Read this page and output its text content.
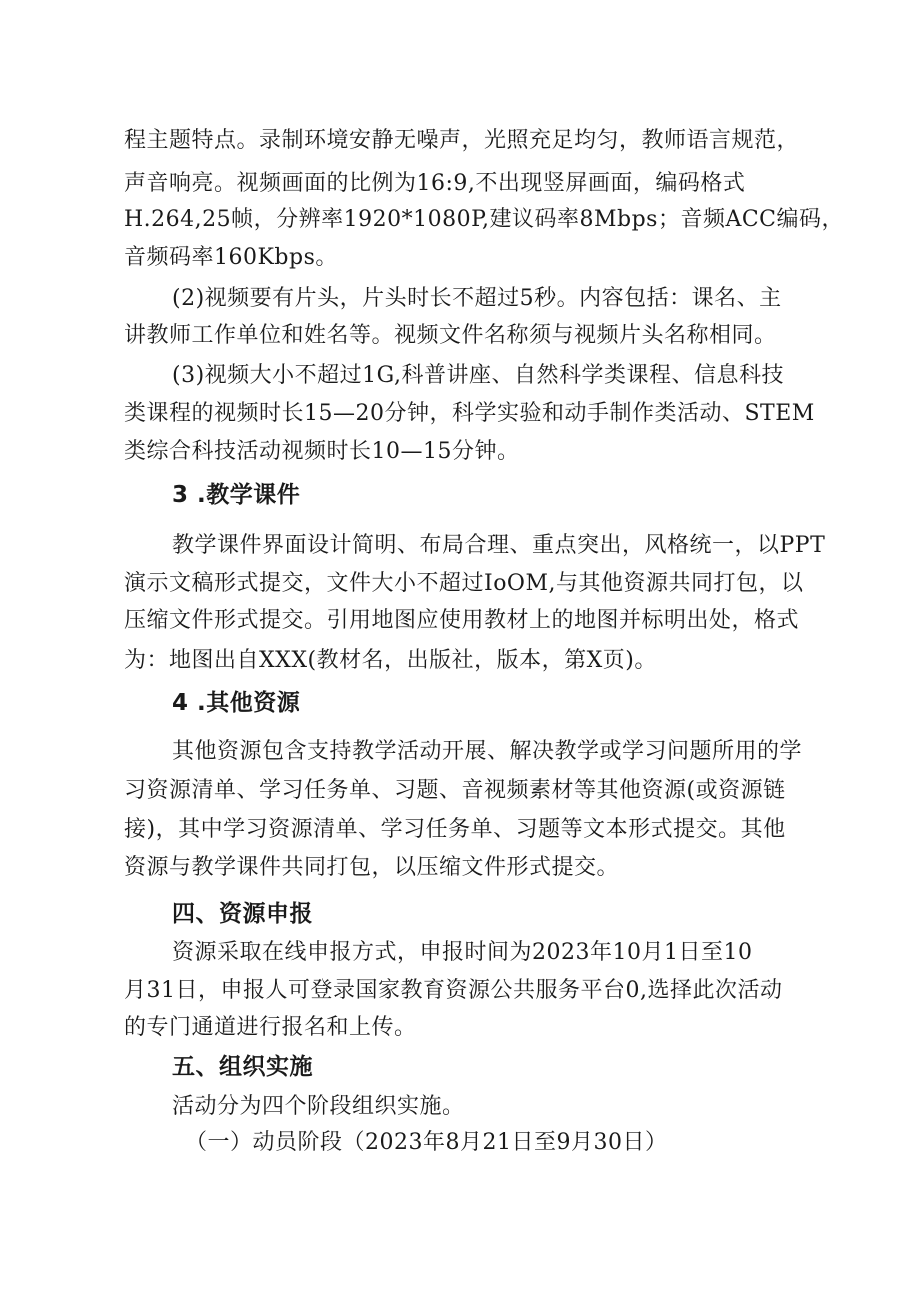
程主题特点。录制环境安静无噪声，光照充足均匀，教师语言规范，
声音响亮。视频画面的比例为16:9,不出现竖屏画面，编码格式
H.264,25帧，分辨率1920*1080P,建议码率8Mbps；音频ACC编码，
音频码率160Kbps。
(2)视频要有片头，片头时长不超过5秒。内容包括：课名、主
讲教师工作单位和姓名等。视频文件名称须与视频片头名称相同。
(3)视频大小不超过1G,科普讲座、自然科学类课程、信息科技
类课程的视频时长15—20分钟，科学实验和动手制作类活动、STEM
类综合科技活动视频时长10—15分钟。
3 .教学课件
教学课件界面设计简明、布局合理、重点突出，风格统一，以PPT
演示文稿形式提交，文件大小不超过IoOM,与其他资源共同打包，以
压缩文件形式提交。引用地图应使用教材上的地图并标明出处，格式
为：地图出自XXX(教材名，出版社，版本，第X页)。
4 .其他资源
其他资源包含支持教学活动开展、解决教学或学习问题所用的学
习资源清单、学习任务单、习题、音视频素材等其他资源(或资源链
接)，其中学习资源清单、学习任务单、习题等文本形式提交。其他
资源与教学课件共同打包，以压缩文件形式提交。
四、资源申报
资源采取在线申报方式，申报时间为2023年10月1日至10
月31日，申报人可登录国家教育资源公共服务平台0,选择此次活动
的专门通道进行报名和上传。
五、组织实施
活动分为四个阶段组织实施。
（一）动员阶段（2023年8月21日至9月30日）
